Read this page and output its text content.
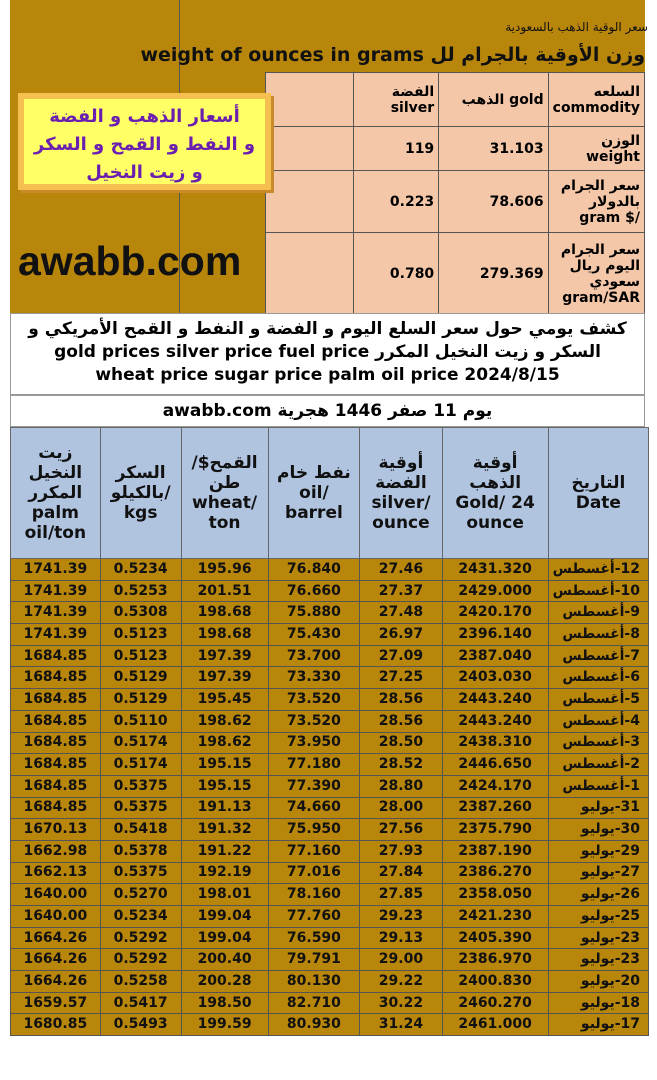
سعر الوقية الذهب بالسعودية
وزن الأوقية بالجرام لل weight of ounces in grams
	الفضة silver	الذهب gold	السلعه commodity
	119	31.103	الوزن weight
	0.223	78.606	سعر الجرام بالدولار gram $/
	0.780	279.369	سعر الجرام اليوم ريال سعودي gram/SAR
أسعار الذهب و الفضة
و النفط و القمح و السكر
و زيت النخيل
awabb.com
كشف يومي حول سعر السلع اليوم و الفضة و النفط و القمح الأمريكي و السكر و زيت النخيل المكرر gold prices silver price fuel price wheat price sugar price palm oil price 2024/8/15
يوم 11 صفر 1446 هجرية awabb.com
زيت النخيل المكرر palm oil/ton	السكر بالكيلو/ kgs	القمح$/ طن wheat/ ton	نفط خام oil/ barrel	أوقية الفضة silver/ ounce	أوقية الذهب Gold/ 24 ounce	التاريخ Date
1741.39	0.5234	195.96	76.840	27.46	2431.320	12-أغسطس
1741.39	0.5253	201.51	76.660	27.37	2429.000	10-أغسطس
1741.39	0.5308	198.68	75.880	27.48	2420.170	9-أغسطس
1741.39	0.5123	198.68	75.430	26.97	2396.140	8-أغسطس
1684.85	0.5123	197.39	73.700	27.09	2387.040	7-أغسطس
1684.85	0.5129	197.39	73.330	27.25	2403.030	6-أغسطس
1684.85	0.5129	195.45	73.520	28.56	2443.240	5-أغسطس
1684.85	0.5110	198.62	73.520	28.56	2443.240	4-أغسطس
1684.85	0.5174	198.62	73.950	28.50	2438.310	3-أغسطس
1684.85	0.5174	195.15	77.180	28.52	2446.650	2-أغسطس
1684.85	0.5375	195.15	77.390	28.80	2424.170	1-أغسطس
1684.85	0.5375	191.13	74.660	28.00	2387.260	31-يوليو
1670.13	0.5418	191.32	75.950	27.56	2375.790	30-يوليو
1662.98	0.5378	191.22	77.160	27.93	2387.190	29-يوليو
1662.13	0.5375	192.19	77.016	27.84	2386.270	27-يوليو
1640.00	0.5270	198.01	78.160	27.85	2358.050	26-يوليو
1640.00	0.5234	199.04	77.760	29.23	2421.230	25-يوليو
1664.26	0.5292	199.04	76.590	29.13	2405.390	23-يوليو
1664.26	0.5292	200.40	79.791	29.00	2386.970	23-يوليو
1664.26	0.5258	200.28	80.130	29.22	2400.830	20-يوليو
1659.57	0.5417	198.50	82.710	30.22	2460.270	18-يوليو
1680.85	0.5493	199.59	80.930	31.24	2461.000	17-يوليو
